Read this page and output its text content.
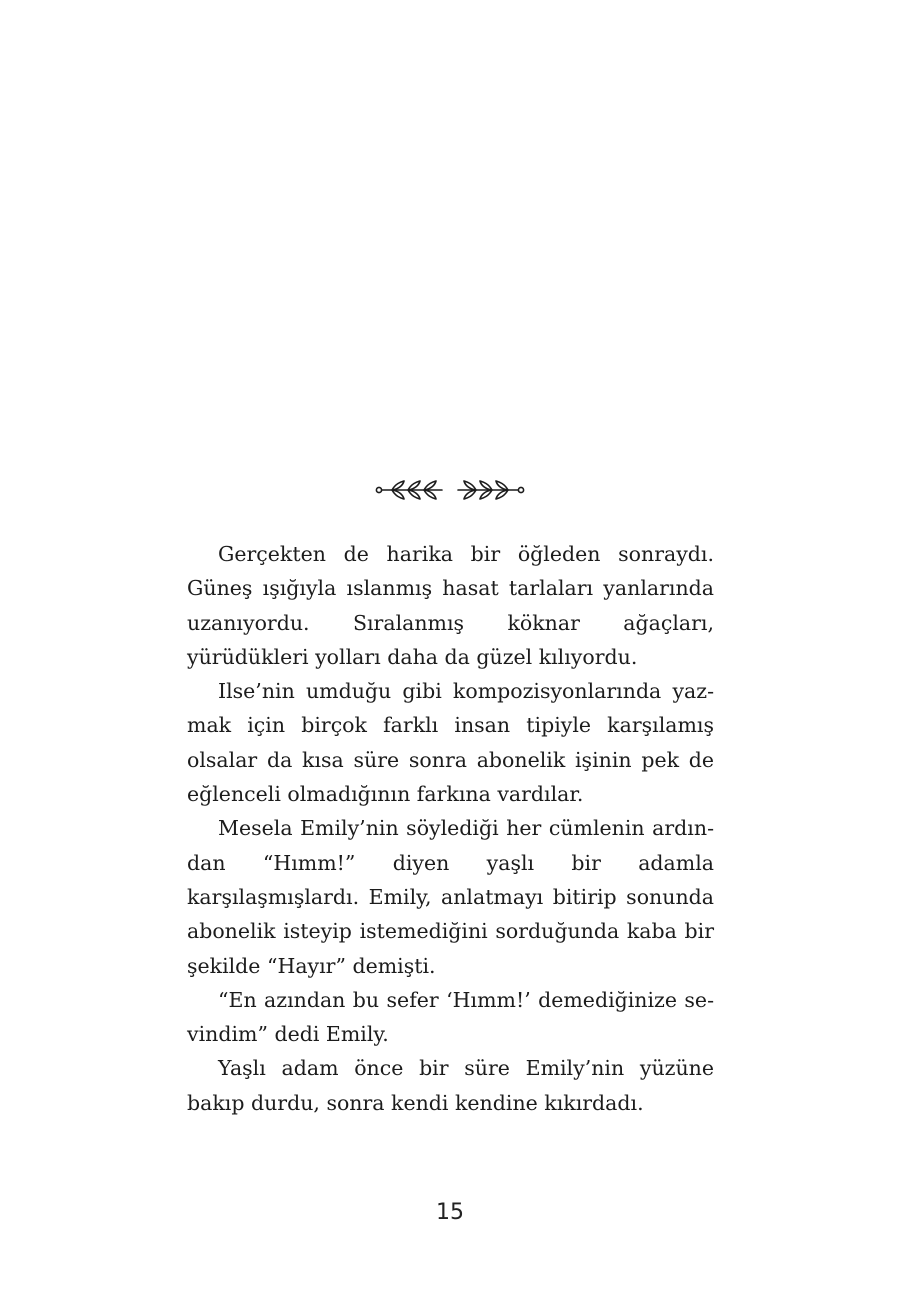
Gerçekten de harika bir öğleden sonraydı. Güneş ışığıyla ıslanmış hasat tarlaları yanlarında uzanıyordu. Sıralanmış köknar ağaçları, yürüdükleri yolları daha da güzel kılıyordu.

Ilse’nin umduğu gibi kompozisyonlarında yazmak için birçok farklı insan tipiyle karşılamış olsalar da kısa süre sonra abonelik işinin pek de eğlenceli olmadığının farkına vardılar.

Mesela Emily’nin söylediği her cümlenin ardından “Hımm!” diyen yaşlı bir adamla karşılaşmışlardı. Emily, anlatmayı bitirip sonunda abonelik isteyip istemediğini sorduğunda kaba bir şekilde “Hayır” demişti.

“En azından bu sefer ‘Hımm!’ demediğinize sevindim” dedi Emily.

Yaşlı adam önce bir süre Emily’nin yüzüne bakıp durdu, sonra kendi kendine kıkırdadı.

15
